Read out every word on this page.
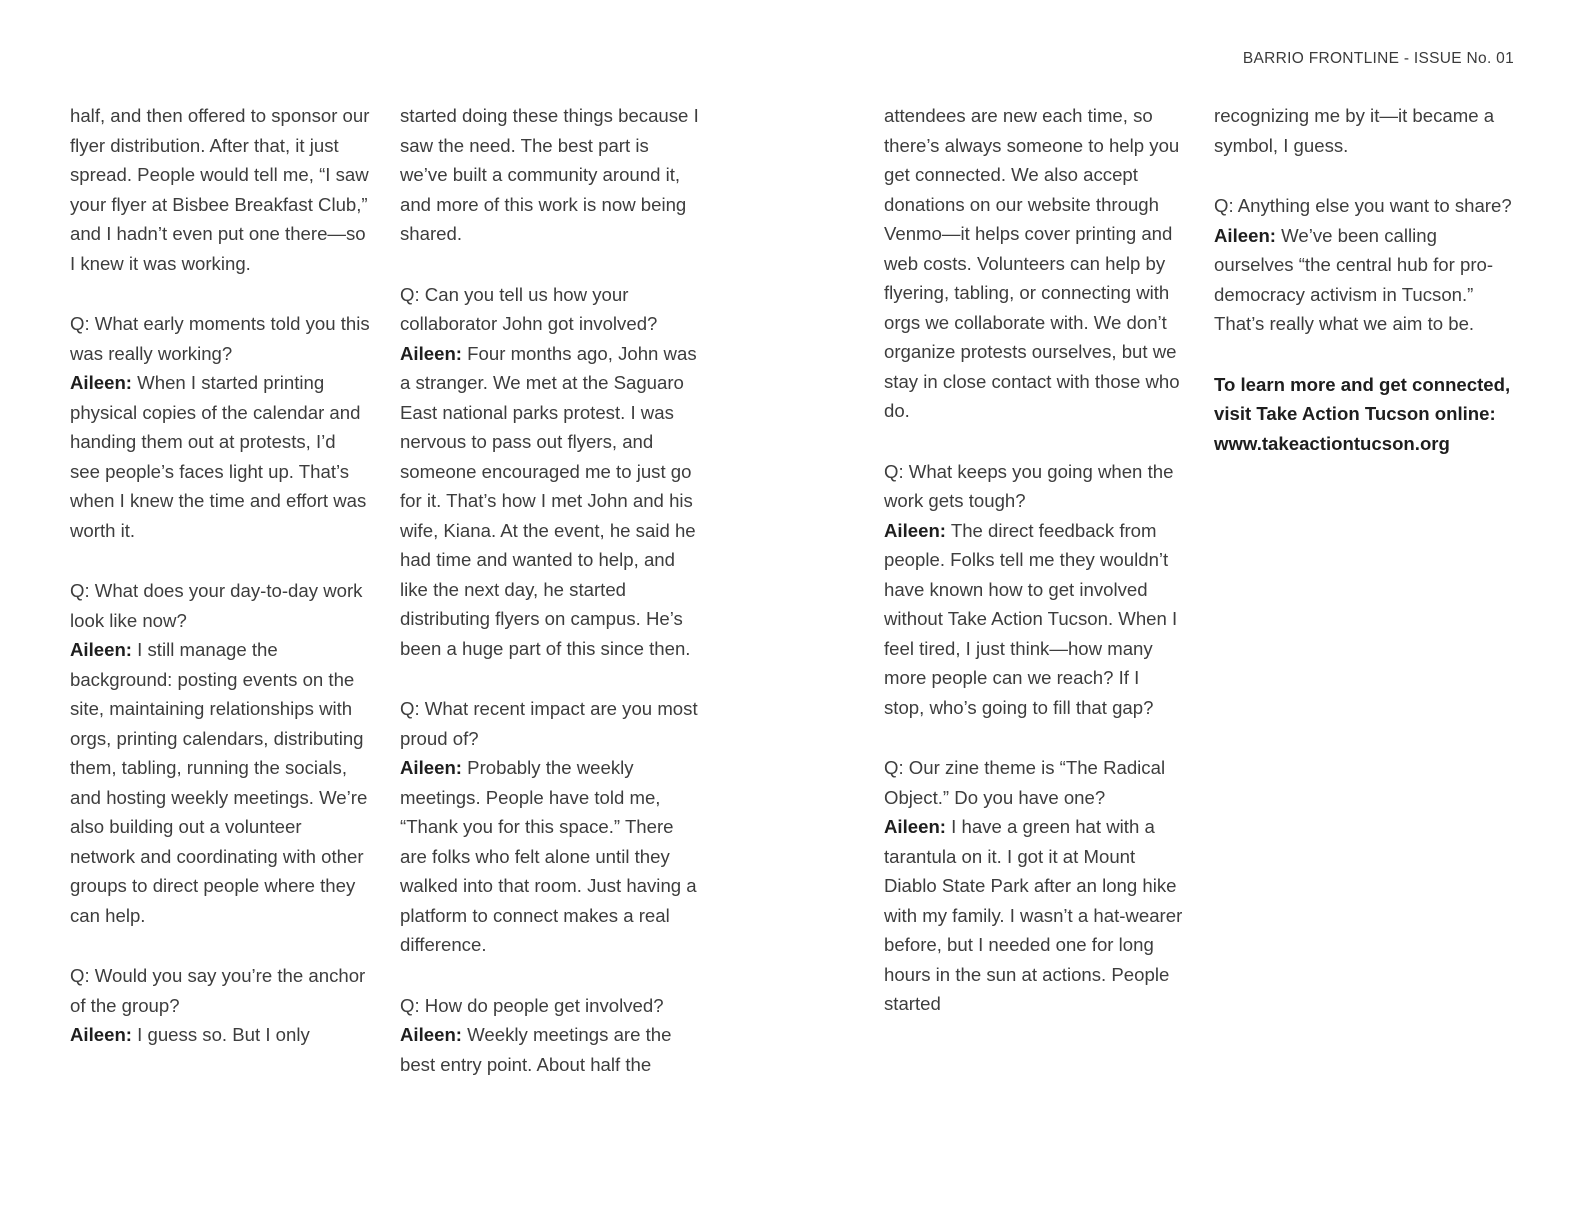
BARRIO FRONTLINE - ISSUE No. 01

half, and then offered to sponsor our flyer distribution. After that, it just spread. People would tell me, “I saw your flyer at Bisbee Breakfast Club,” and I hadn’t even put one there—so I knew it was working.

Q: What early moments told you this was really working?

Aileen: When I started printing physical copies of the calendar and handing them out at protests, I’d see people’s faces light up. That’s when I knew the time and effort was worth it.

Q: What does your day-to-day work look like now?

Aileen: I still manage the background: posting events on the site, maintaining relationships with orgs, printing calendars, distributing them, tabling, running the socials, and hosting weekly meetings. We’re also building out a volunteer network and coordinating with other groups to direct people where they can help.

Q: Would you say you’re the anchor of the group?

Aileen: I guess so. But I only

started doing these things because I saw the need. The best part is we’ve built a community around it, and more of this work is now being shared.

Q: Can you tell us how your collaborator John got involved?

Aileen: Four months ago, John was a stranger. We met at the Saguaro East national parks protest. I was nervous to pass out flyers, and someone encouraged me to just go for it. That’s how I met John and his wife, Kiana. At the event, he said he had time and wanted to help, and like the next day, he started distributing flyers on campus. He’s been a huge part of this since then.

Q: What recent impact are you most proud of?

Aileen: Probably the weekly meetings. People have told me, “Thank you for this space.” There are folks who felt alone until they walked into that room. Just having a platform to connect makes a real difference.

Q: How do people get involved?

Aileen: Weekly meetings are the best entry point. About half the

attendees are new each time, so there’s always someone to help you get connected. We also accept donations on our website through Venmo—it helps cover printing and web costs. Volunteers can help by flyering, tabling, or connecting with orgs we collaborate with. We don’t organize protests ourselves, but we stay in close contact with those who do.

Q: What keeps you going when the work gets tough?

Aileen: The direct feedback from people. Folks tell me they wouldn’t have known how to get involved without Take Action Tucson. When I feel tired, I just think—how many more people can we reach? If I stop, who’s going to fill that gap?

Q: Our zine theme is “The Radical Object.” Do you have one?

Aileen: I have a green hat with a tarantula on it. I got it at Mount Diablo State Park after an long hike with my family. I wasn’t a hat-wearer before, but I needed one for long hours in the sun at actions. People started

recognizing me by it—it became a symbol, I guess.

Q: Anything else you want to share?

Aileen: We’ve been calling ourselves “the central hub for pro-democracy activism in Tucson.” That’s really what we aim to be.

To learn more and get connected, visit Take Action Tucson online: www.takeactiontucson.org
